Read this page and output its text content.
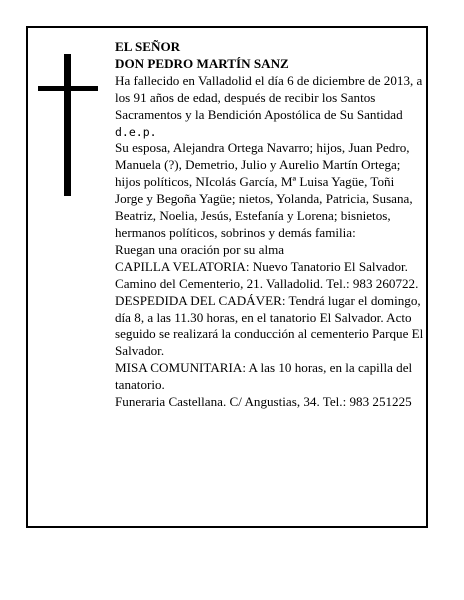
EL SEÑOR

DON PEDRO MARTÍN SANZ

Ha fallecido en Valladolid el día 6 de diciembre de 2013, a los 91 años de edad, después de recibir los Santos Sacramentos y la Bendición Apostólica de Su Santidad

d.e.p.

Su esposa, Alejandra Ortega Navarro; hijos, Juan Pedro, Manuela (?), Demetrio, Julio y Aurelio Martín Ortega; hijos políticos, NIcolás García, Mª Luisa Yagüe, Toñi Jorge y Begoña Yagüe; nietos, Yolanda, Patricia, Susana, Beatriz, Noelia, Jesús, Estefanía y Lorena; bisnietos, hermanos políticos, sobrinos y demás familia:

Ruegan una oración por su alma

CAPILLA VELATORIA: Nuevo Tanatorio El Salvador. Camino del Cementerio, 21. Valladolid. Tel.: 983 260722.

DESPEDIDA DEL CADÁVER: Tendrá lugar el domingo, día 8, a las 11.30 horas, en el tanatorio El Salvador. Acto seguido se realizará la conducción al cementerio Parque El Salvador.

MISA COMUNITARIA: A las 10 horas, en la capilla del tanatorio.

Funeraria Castellana. C/ Angustias, 34. Tel.: 983 251225
